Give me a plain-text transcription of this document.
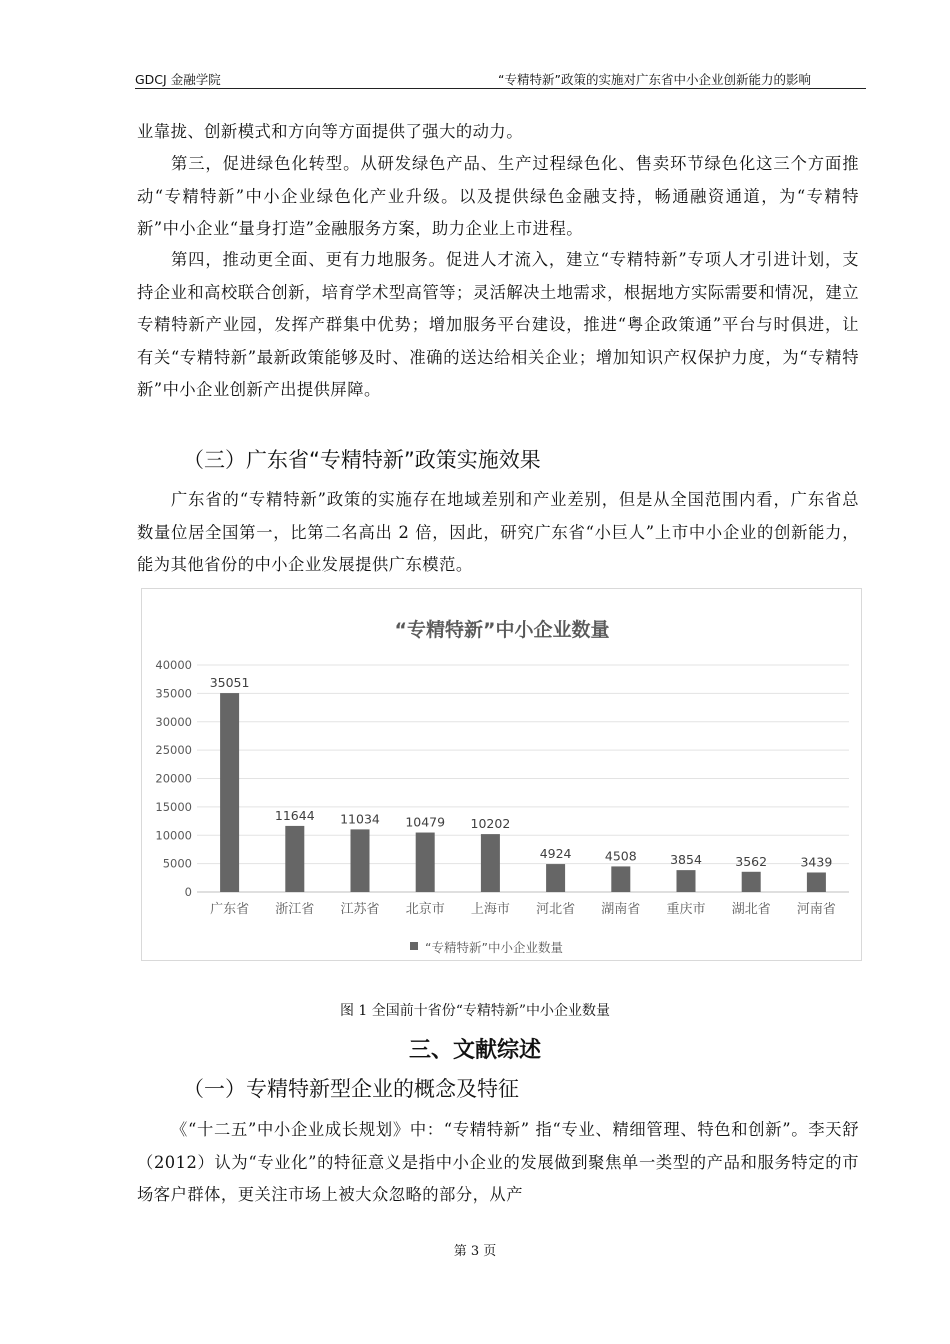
GDCJ 金融学院	“专精特新”政策的实施对广东省中小企业创新能力的影响

业靠拢、创新模式和方向等方面提供了强大的动力。

第三，促进绿色化转型。从研发绿色产品、生产过程绿色化、售卖环节绿色化这三个方面推动“专精特新”中小企业绿色化产业升级。以及提供绿色金融支持，畅通融资通道，为“专精特新”中小企业“量身打造”金融服务方案，助力企业上市进程。

第四，推动更全面、更有力地服务。促进人才流入，建立“专精特新”专项人才引进计划，支持企业和高校联合创新，培育学术型高管等；灵活解决土地需求，根据地方实际需要和情况，建立专精特新产业园，发挥产群集中优势；增加服务平台建设，推进“粤企政策通”平台与时俱进，让有关“专精特新”最新政策能够及时、准确的送达给相关企业；增加知识产权保护力度，为“专精特新”中小企业创新产出提供屏障。

（三）广东省“专精特新”政策实施效果

广东省的“专精特新”政策的实施存在地域差别和产业差别，但是从全国范围内看，广东省总数量位居全国第一，比第二名高出 2 倍，因此，研究广东省“小巨人”上市中小企业的创新能力，能为其他省份的中小企业发展提供广东模范。

“专精特新”中小企业数量
0
5000
10000
15000
20000
25000
30000
35000
40000
35051
广东省
11644
浙江省
11034
江苏省
10479
北京市
10202
上海市
4924
河北省
4508
湖南省
3854
重庆市
3562
湖北省
3439
河南省
“专精特新”中小企业数量
图 1 全国前十省份“专精特新”中小企业数量
三、文献综述
（一）专精特新型企业的概念及特征

《“十二五”中小企业成长规划》中：“专精特新” 指“专业、精细管理、特色和创新”。李天舒（2012）认为“专业化”的特征意义是指中小企业的发展做到聚焦单一类型的产品和服务特定的市场客户群体，更关注市场上被大众忽略的部分，从产

第 3 页
